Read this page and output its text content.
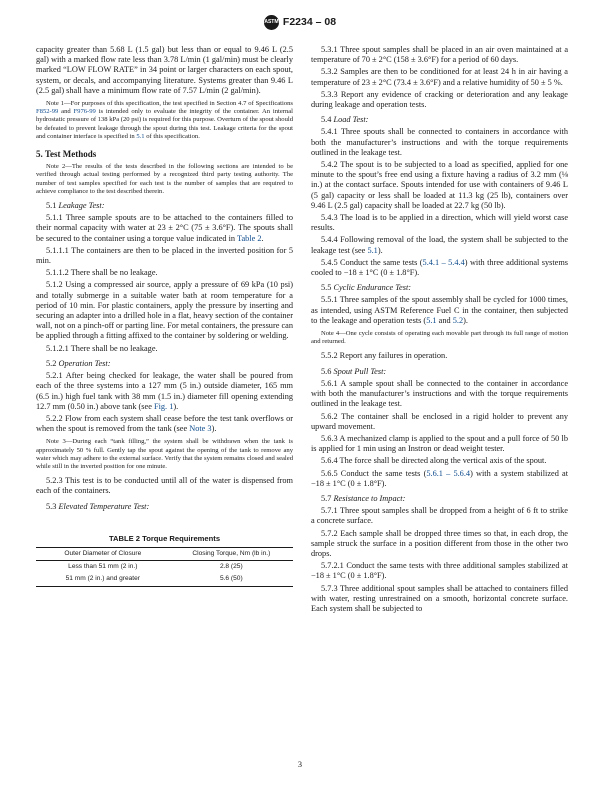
ASTM F2234 – 08

capacity greater than 5.68 L (1.5 gal) but less than or equal to 9.46 L (2.5 gal) with a marked flow rate less than 3.78 L/min (1 gal/min) must be clearly marked “LOW FLOW RATE” in 34 point or larger characters on each spout, system, or decals, and accompanying literature. Systems greater than 9.46 L (2.5 gal) shall have a minimum flow rate of 7.57 L/min (2 gal/min).

Note 1—For purposes of this specification, the test specified in Section 4.7 of Specifications F852-99 and F976-99 is intended only to evaluate the integrity of the container. An internal hydrostatic pressure of 138 kPa (20 psi) is required for this purpose. Overturn of the spout should be defeated to prevent leakage through the spout during this test. Leakage criteria for the spout and container interface is specified in 5.1 of this specification.

5. Test Methods

Note 2—The results of the tests described in the following sections are intended to be verified through actual testing performed by a recognized third party testing authority. The number of test samples specified for each test is the number of samples that are required to achieve compliance to the test described therein.

5.1 Leakage Test:

5.1.1 Three sample spouts are to be attached to the containers filled to their normal capacity with water at 23 ± 2°C (75 ± 3.6°F). The spouts shall be secured to the container using a torque value indicated in Table 2.

5.1.1.1 The containers are then to be placed in the inverted position for 5 min.

5.1.1.2 There shall be no leakage.

5.1.2 Using a compressed air source, apply a pressure of 69 kPa (10 psi) and totally submerge in a suitable water bath at room temperature for a period of 10 min. For plastic containers, apply the pressure by inserting and securing an adapter into a drilled hole in a flat, heavy section of the container wall, not on a pinch-off or parting line. For metal containers, the pressure can be applied through a fitting affixed to the container by soldering or welding.

5.1.2.1 There shall be no leakage.

5.2 Operation Test:

5.2.1 After being checked for leakage, the water shall be poured from each of the three systems into a 127 mm (5 in.) outside diameter, 165 mm (6.5 in.) high fuel tank with 38 mm (1.5 in.) diameter fill opening extending 12.7 mm (0.50 in.) above tank (see Fig. 1).

5.2.2 Flow from each system shall cease before the test tank overflows or when the spout is removed from the tank (see Note 3).

Note 3—During each “tank filling,” the system shall be withdrawn when the tank is approximately 50 % full. Gently tap the spout against the opening of the tank to remove any water which may adhere to the external surface. Verify that the system remains closed and sealed while still in the inverted position for one minute.

5.2.3 This test is to be conducted until all of the water is dispensed from each of the containers.

5.3 Elevated Temperature Test:

TABLE 2 Torque Requirements
Outer Diameter of Closure	Closing Torque, Nm (lb in.)
Less than 51 mm (2 in.)	2.8 (25)
51 mm (2 in.) and greater	5.6 (50)

5.3.1 Three spout samples shall be placed in an air oven maintained at a temperature of 70 ± 2°C (158 ± 3.6°F) for a period of 60 days.

5.3.2 Samples are then to be conditioned for at least 24 h in air having a temperature of 23 ± 2°C (73.4 ± 3.6°F) and a relative humidity of 50 ± 5 %.

5.3.3 Report any evidence of cracking or deterioration and any leakage during leakage and operation tests.

5.4 Load Test:

5.4.1 Three spouts shall be connected to containers in accordance with both the manufacturer’s instructions and with the torque requirements outlined in the leakage test.

5.4.2 The spout is to be subjected to a load as specified, applied for one minute to the spout’s free end using a fixture having a radius of 3.2 mm (⅛ in.) at the contact surface. Spouts intended for use with containers of 9.46 L (5 gal) capacity or less shall be loaded at 11.3 kg (25 lb), containers over 9.46 L (2.5 gal) capacity shall be loaded at 22.7 kg (50 lb).

5.4.3 The load is to be applied in a direction, which will yield worst case results.

5.4.4 Following removal of the load, the system shall be subjected to the leakage test (see 5.1).

5.4.5 Conduct the same tests (5.4.1 – 5.4.4) with three additional systems cooled to −18 ± 1°C (0 ± 1.8°F).

5.5 Cyclic Endurance Test:

5.5.1 Three samples of the spout assembly shall be cycled for 1000 times, as intended, using ASTM Reference Fuel C in the container, then subjected to the leakage and operation tests (5.1 and 5.2).

Note 4—One cycle consists of operating each movable part through its full range of motion and returned.

5.5.2 Report any failures in operation.

5.6 Spout Pull Test:

5.6.1 A sample spout shall be connected to the container in accordance with both the manufacturer’s instructions and with the torque requirements outlined in the leakage test.

5.6.2 The container shall be enclosed in a rigid holder to prevent any upward movement.

5.6.3 A mechanized clamp is applied to the spout and a pull force of 50 lb is applied for 1 min using an Instron or dead weight tester.

5.6.4 The force shall be directed along the vertical axis of the spout.

5.6.5 Conduct the same tests (5.6.1 – 5.6.4) with a system stabilized at −18 ± 1°C (0 ± 1.8°F).

5.7 Resistance to Impact:

5.7.1 Three spout samples shall be dropped from a height of 6 ft to strike a concrete surface.

5.7.2 Each sample shall be dropped three times so that, in each drop, the sample struck the surface in a position different from those in the other two drops.

5.7.2.1 Conduct the same tests with three additional samples stabilized at −18 ± 1°C (0 ± 1.8°F).

5.7.3 Three additional spout samples shall be attached to containers filled with water, resting unrestrained on a smooth, horizontal concrete surface. Each system shall be subjected to

3
